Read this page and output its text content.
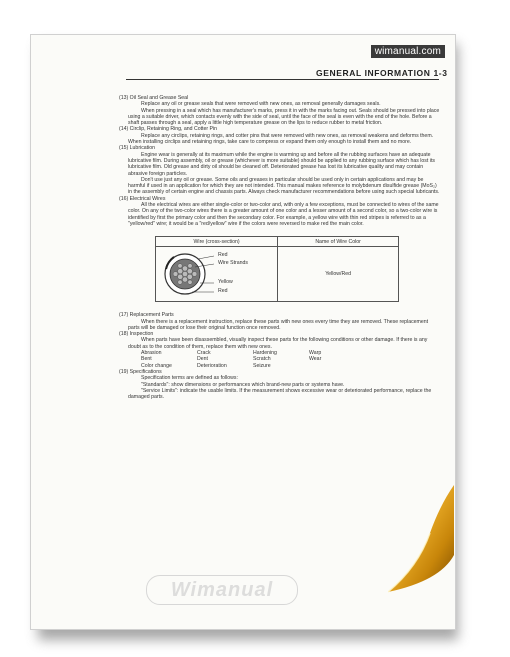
wimanual.com
GENERAL INFORMATION 1-3

(13) Oil Seal and Grease Seal

Replace any oil or grease seals that were removed with new ones, as removal generally damages seals.

When pressing in a seal which has manufacturer's marks, press it in with the marks facing out. Seals should be pressed into place using a suitable driver, which contacts evenly with the side of seal, until the face of the seal is even with the end of the hole. Before a shaft passes through a seal, apply a little high temperature grease on the lips to reduce rubber to metal friction.

(14) Circlip, Retaining Ring, and Cotter Pin

Replace any circlips, retaining rings, and cotter pins that were removed with new ones, as removal weakens and deforms them. When installing circlips and retaining rings, take care to compress or expand them only enough to install them and no more.

(15) Lubrication

Engine wear is generally at its maximum while the engine is warming up and before all the rubbing surfaces have an adequate lubricative film. During assembly, oil or grease (whichever is more suitable) should be applied to any rubbing surface which has lost its lubricative film. Old grease and dirty oil should be cleaned off. Deteriorated grease has lost its lubricative quality and may contain abrasive foreign particles.

Don't use just any oil or grease. Some oils and greases in particular should be used only in certain applications and may be harmful if used in an application for which they are not intended. This manual makes reference to molybdenum disulfide grease (MoS₂) in the assembly of certain engine and chassis parts. Always check manufacturer recommendations before using such special lubricants.

(16) Electrical Wires

All the electrical wires are either single-color or two-color and, with only a few exceptions, must be connected to wires of the same color. On any of the two-color wires there is a greater amount of one color and a lesser amount of a second color, so a two-color wire is identified by first the primary color and then the secondary color. For example, a yellow wire with thin red stripes is referred to as a "yellow/red" wire; it would be a "red/yellow" wire if the colors were reversed to make red the main color.

Wire (cross-section)	Name of Wire Color

Red
Wire Strands
Yellow
Red	Yellow/Red

(17) Replacement Parts

When there is a replacement instruction, replace these parts with new ones every time they are removed. These replacement parts will be damaged or lose their original function once removed.

(18) Inspection

When parts have been disassembled, visually inspect these parts for the following conditions or other damage. If there is any doubt as to the condition of them, replace them with new ones.

Abrasion	Crack	Hardening	Warp
Bent	Dent	Scratch	Wear
Color change	Deterioration	Seizure

(19) Specifications

Specification terms are defined as follows:

"Standards": show dimensions or performances which brand-new parts or systems have.

"Service Limits": indicate the usable limits. If the measurement shows excessive wear or deteriorated performance, replace the damaged parts.

Wimanual
